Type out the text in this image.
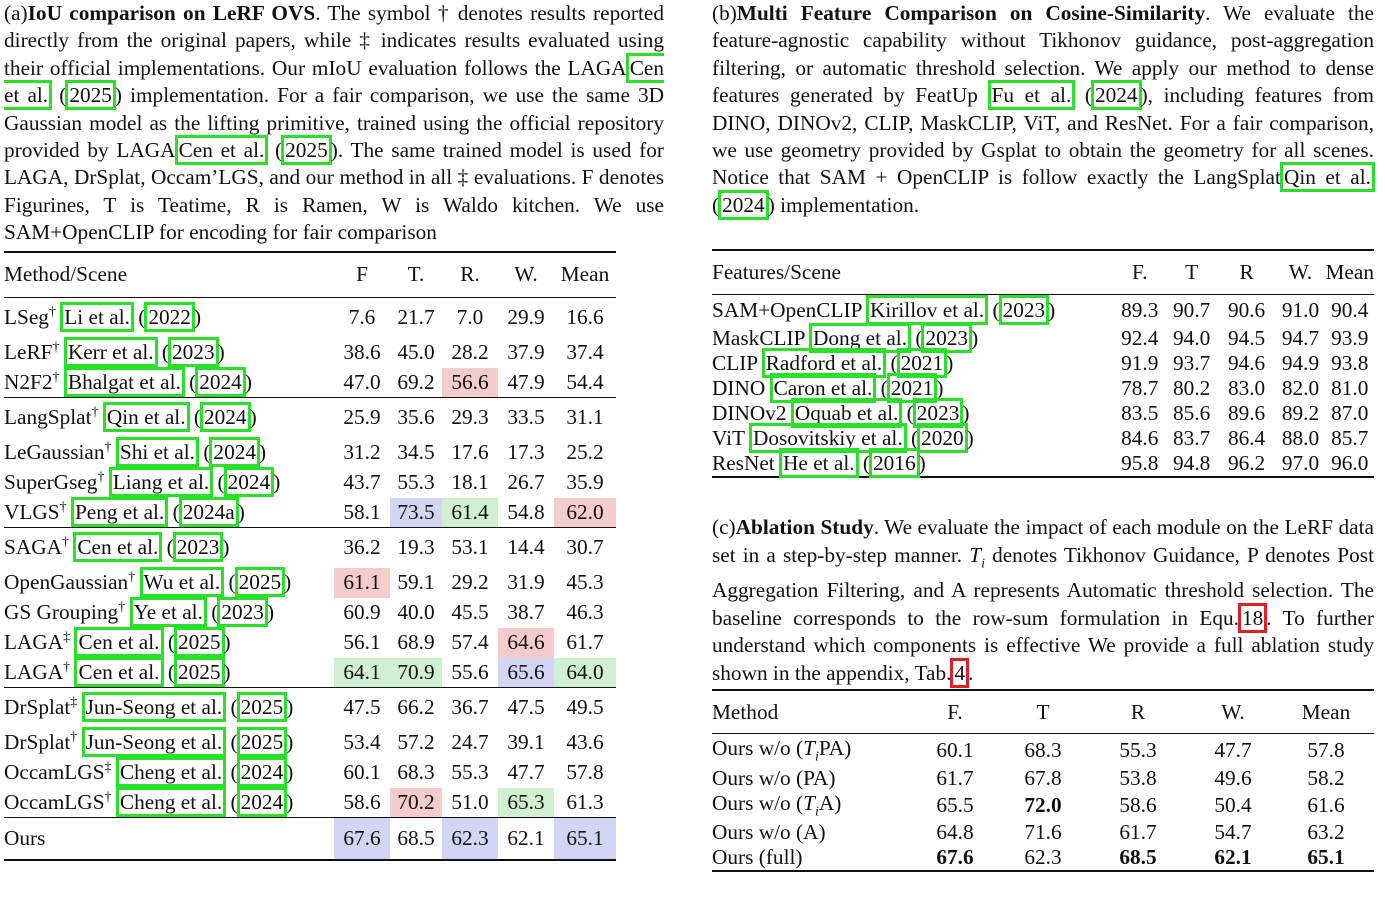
(a)IoU comparison on LeRF OVS. The symbol † denotes results reported directly from the original papers, while ‡ indicates results evaluated using their official implementations. Our mIoU evaluation follows the LAGA Cen et al. ( 2025 ) implementation. For a fair comparison, we use the same 3D Gaussian model as the lifting primitive, trained using the official repository provided by LAGA Cen et al. ( 2025 ). The same trained model is used for LAGA, DrSplat, Occam’LGS, and our method in all ‡ evaluations. F denotes Figurines, T is Teatime, R is Ramen, W is Waldo kitchen. We use SAM+OpenCLIP for encoding for fair comparison

Method/Scene	F	T.	R.	W.	Mean
LSeg† Li et al. ( 2022 )	7.6	21.7	7.0	29.9	16.6
LeRF† Kerr et al. ( 2023 )	38.6	45.0	28.2	37.9	37.4
N2F2† Bhalgat et al. ( 2024 )	47.0	69.2	56.6	47.9	54.4
LangSplat† Qin et al. ( 2024 )	25.9	35.6	29.3	33.5	31.1
LeGaussian† Shi et al. ( 2024 )	31.2	34.5	17.6	17.3	25.2
SuperGseg† Liang et al. ( 2024 )	43.7	55.3	18.1	26.7	35.9
VLGS† Peng et al. ( 2024a )	58.1	73.5	61.4	54.8	62.0
SAGA† Cen et al. ( 2023 )	36.2	19.3	53.1	14.4	30.7
OpenGaussian† Wu et al. ( 2025 )	61.1	59.1	29.2	31.9	45.3
GS Grouping† Ye et al. ( 2023 )	60.9	40.0	45.5	38.7	46.3
LAGA‡ Cen et al. ( 2025 )	56.1	68.9	57.4	64.6	61.7
LAGA† Cen et al. ( 2025 )	64.1	70.9	55.6	65.6	64.0
DrSplat‡ Jun-Seong et al. ( 2025 )	47.5	66.2	36.7	47.5	49.5
DrSplat† Jun-Seong et al. ( 2025 )	53.4	57.2	24.7	39.1	43.6
OccamLGS‡ Cheng et al. ( 2024 )	60.1	68.3	55.3	47.7	57.8
OccamLGS† Cheng et al. ( 2024 )	58.6	70.2	51.0	65.3	61.3
Ours	67.6	68.5	62.3	62.1	65.1

(b)Multi Feature Comparison on Cosine-Similarity. We evaluate the feature-agnostic capability without Tikhonov guidance, post-aggregation filtering, or automatic threshold selection. We apply our method to dense features generated by FeatUp Fu et al. ( 2024 ), including features from DINO, DINOv2, CLIP, MaskCLIP, ViT, and ResNet. For a fair comparison, we use geometry provided by Gsplat to obtain the geometry for all scenes. Notice that SAM + OpenCLIP is follow exactly the LangSplat Qin et al. ( 2024 ) implementation.

Features/Scene	F.	T	R	W.	Mean
SAM+OpenCLIP Kirillov et al. ( 2023 )	89.3	90.7	90.6	91.0	90.4
MaskCLIP Dong et al. ( 2023 )	92.4	94.0	94.5	94.7	93.9
CLIP Radford et al. ( 2021 )	91.9	93.7	94.6	94.9	93.8
DINO Caron et al. ( 2021 )	78.7	80.2	83.0	82.0	81.0
DINOv2 Oquab et al. ( 2023 )	83.5	85.6	89.6	89.2	87.0
ViT Dosovitskiy et al. ( 2020 )	84.6	83.7	86.4	88.0	85.7
ResNet He et al. ( 2016 )	95.8	94.8	96.2	97.0	96.0

(c)Ablation Study. We evaluate the impact of each module on the LeRF data set in a step-by-step manner. $T_i$ denotes Tikhonov Guidance, P denotes Post Aggregation Filtering, and A represents Automatic threshold selection. The baseline corresponds to the row-sum formulation in Equ. 18 . To further understand which components is effective We provide a full ablation study shown in the appendix, Tab. 4 .

Method	F.	T	R	W.	Mean
Ours w/o $(T_iPA)$	60.1	68.3	55.3	47.7	57.8
Ours w/o (PA)	61.7	67.8	53.8	49.6	58.2
Ours w/o $(T_iA)$	65.5	72.0	58.6	50.4	61.6
Ours w/o (A)	64.8	71.6	61.7	54.7	63.2
Ours (full)	67.6	62.3	68.5	62.1	65.1
